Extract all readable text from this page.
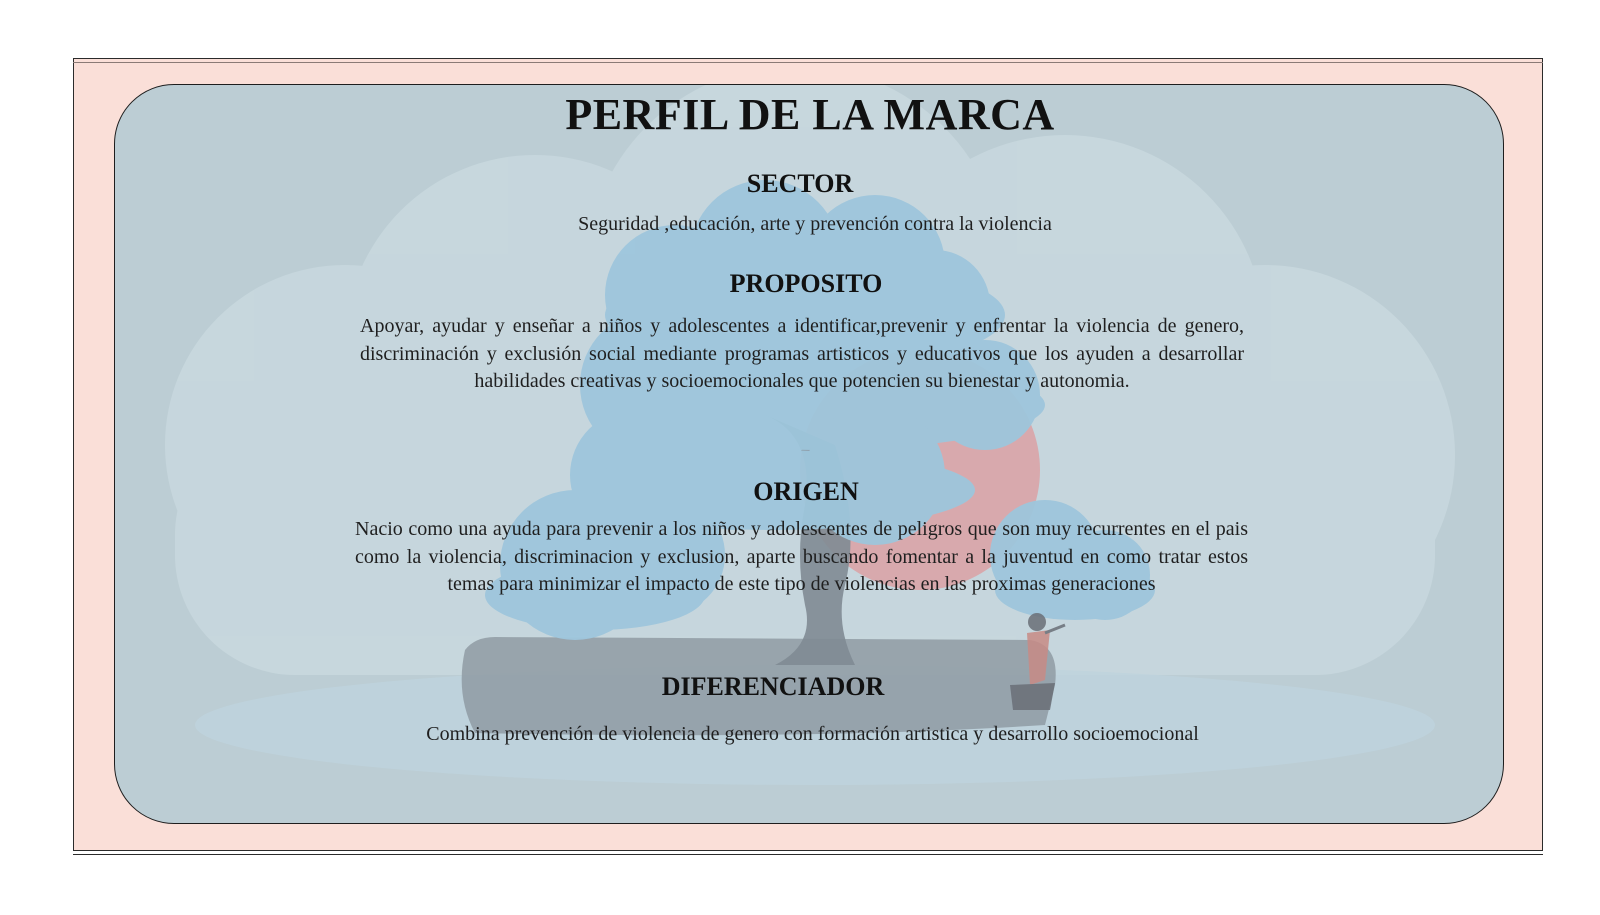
PERFIL DE LA MARCA
SECTOR

Seguridad ,educación, arte y prevención contra la violencia

PROPOSITO

Apoyar, ayudar y enseñar a niños y adolescentes a identificar,prevenir y enfrentar la violencia de genero, discriminación y exclusión social mediante programas artisticos y educativos que los ayuden a desarrollar habilidades creativas y socioemocionales que potencien su bienestar y autonomia.

ORIGEN

Nacio como una ayuda para prevenir a los niños y adolescentes de peligros que son muy recurrentes en el pais como la violencia, discriminacion y exclusion, aparte buscando fomentar a la juventud en como tratar estos temas para minimizar el impacto de este tipo de violencias en las proximas generaciones

DIFERENCIADOR

Combina prevención de violencia de genero con formación artistica y desarrollo socioemocional
